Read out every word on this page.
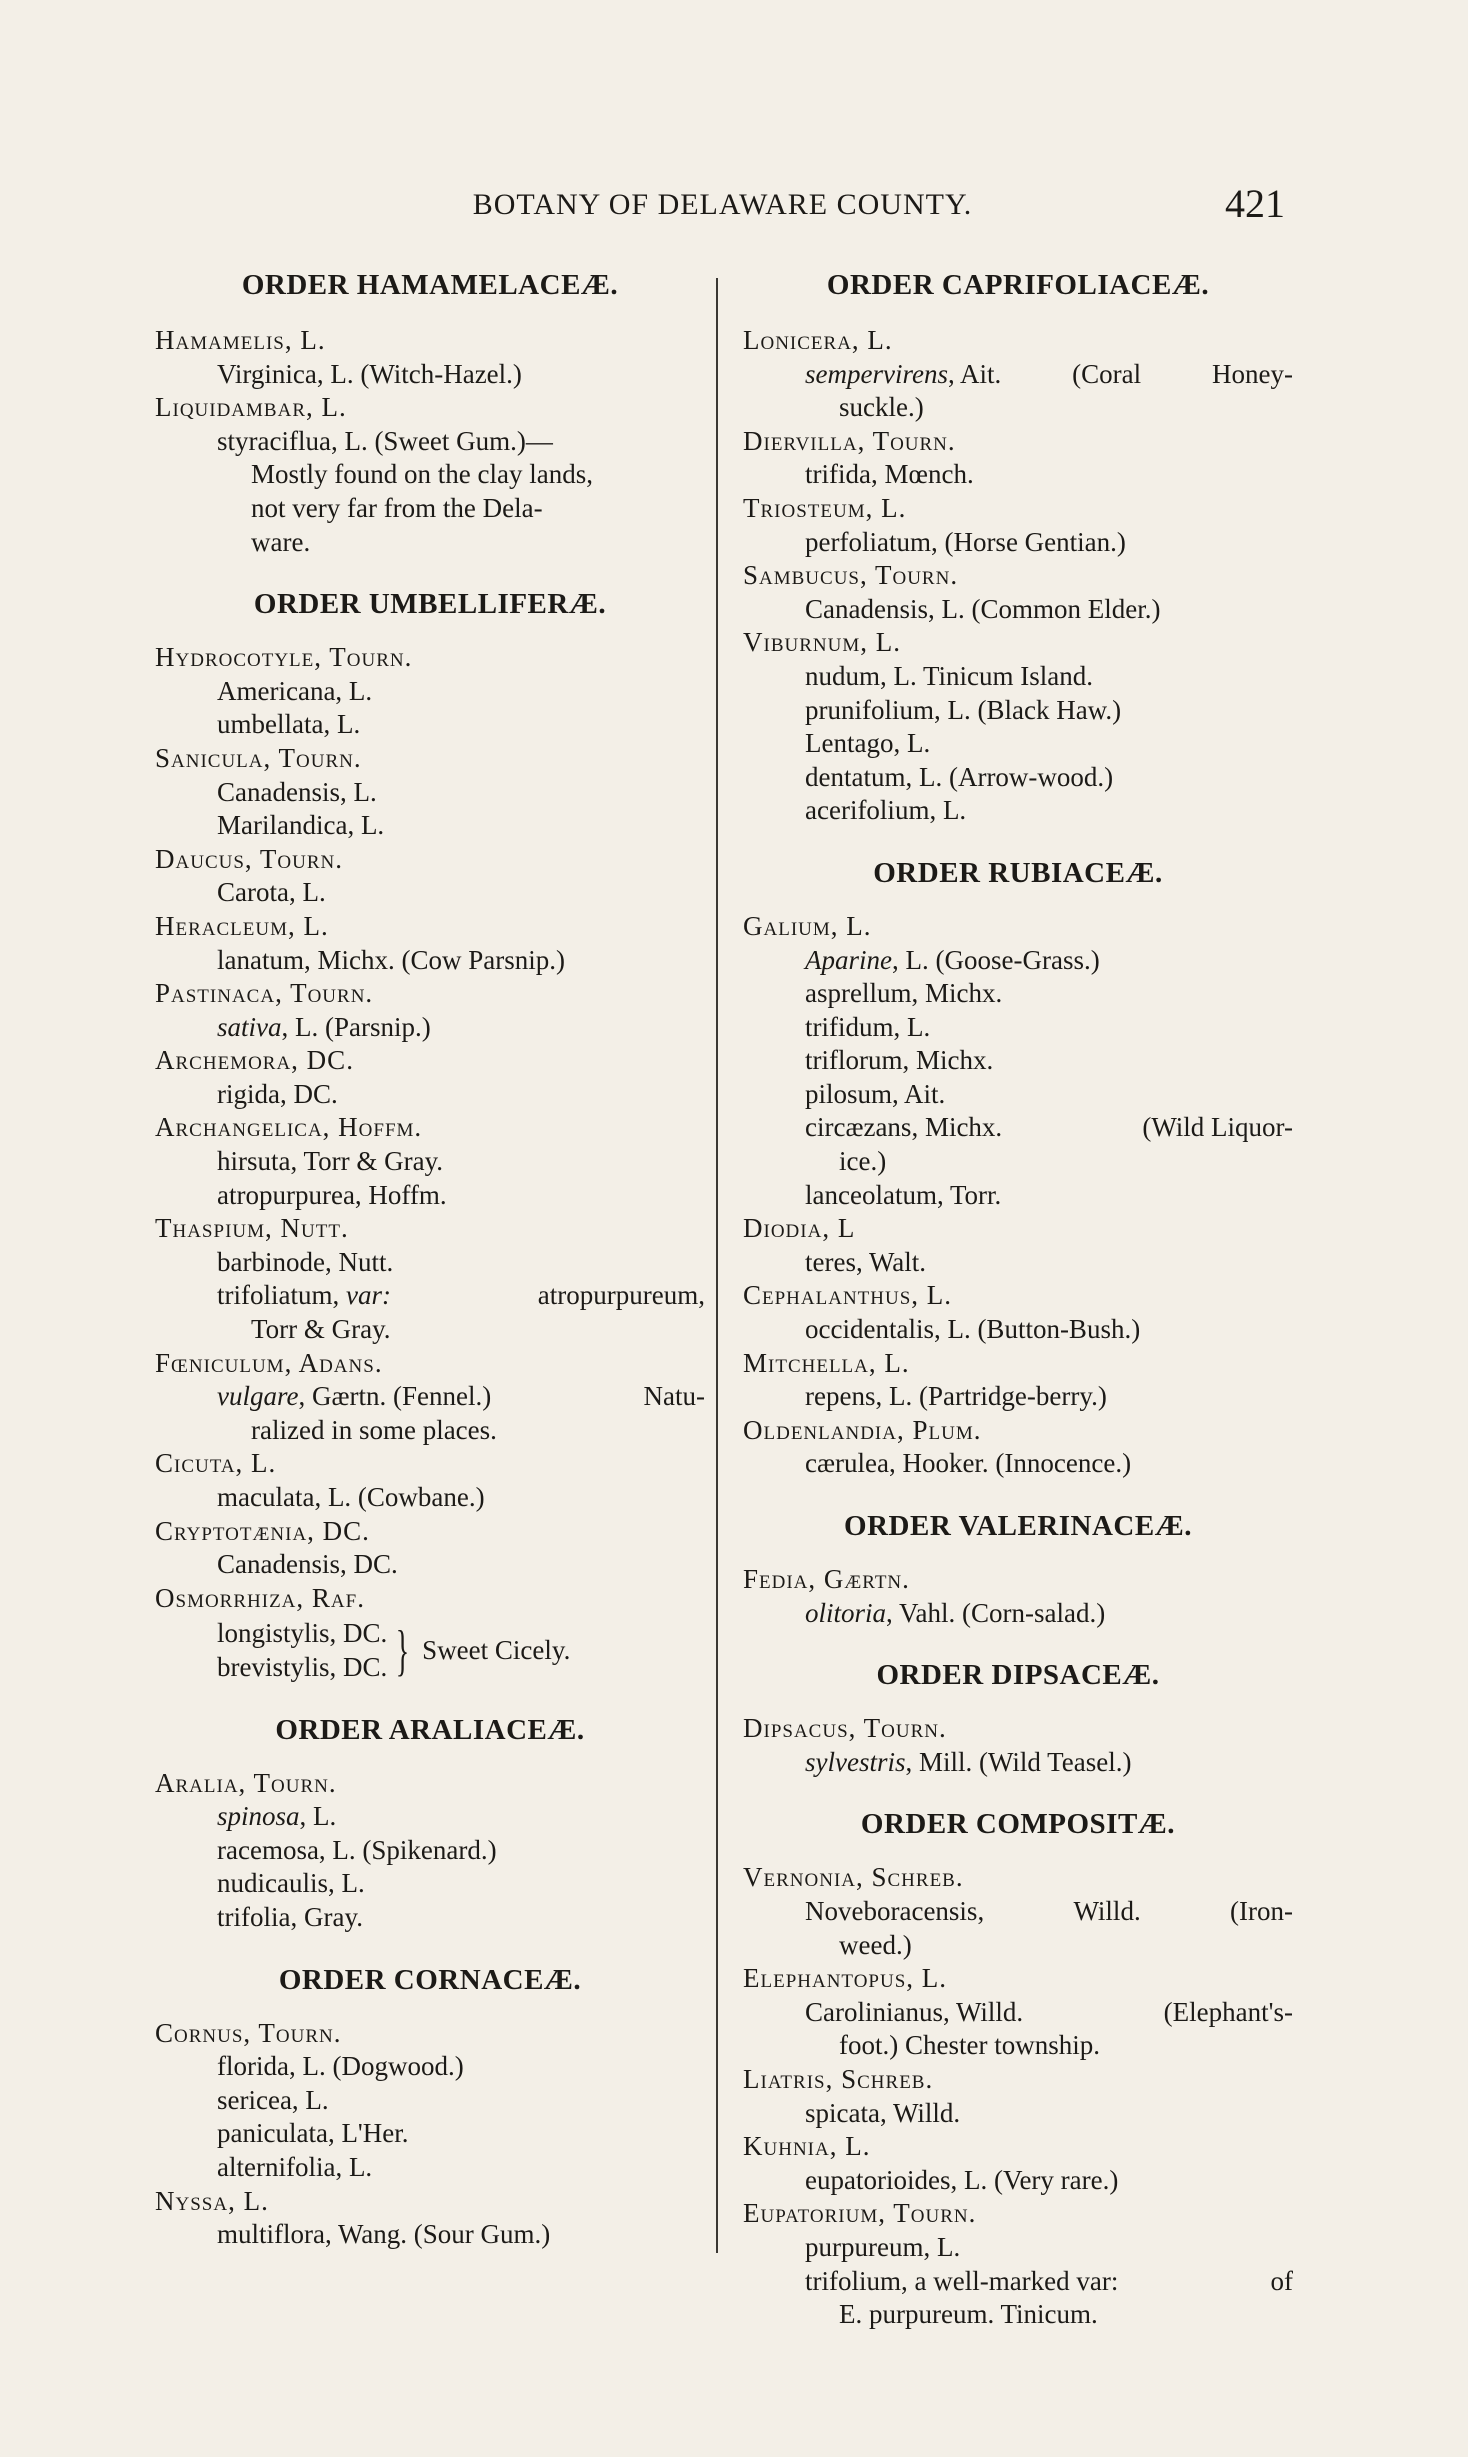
BOTANY OF DELAWARE COUNTY.	421
ORDER HAMAMELACEÆ.
Hamamelis, L.
Virginica, L. (Witch-Hazel.)
Liquidambar, L.
styraciflua, L. (Sweet Gum.)—
Mostly found on the clay lands,
not very far from the Dela-
ware.
ORDER UMBELLIFERÆ.
Hydrocotyle, Tourn.
Americana, L.
umbellata, L.
Sanicula, Tourn.
Canadensis, L.
Marilandica, L.
Daucus, Tourn.
Carota, L.
Heracleum, L.
lanatum, Michx. (Cow Parsnip.)
Pastinaca, Tourn.
sativa, L. (Parsnip.)
Archemora, DC.
rigida, DC.
Archangelica, Hoffm.
hirsuta, Torr & Gray.
atropurpurea, Hoffm.
Thaspium, Nutt.
barbinode, Nutt.
trifoliatum, var:	atropurpureum,
Torr & Gray.
Fœniculum, Adans.
vulgare, Gærtn. (Fennel.)	Natu-
ralized in some places.
Cicuta, L.
maculata, L. (Cowbane.)
Cryptotænia, DC.
Canadensis, DC.
Osmorrhiza, Raf.
longistylis, DC.
brevistylis, DC. } Sweet Cicely.
ORDER ARALIACEÆ.
Aralia, Tourn.
spinosa, L.
racemosa, L. (Spikenard.)
nudicaulis, L.
trifolia, Gray.
ORDER CORNACEÆ.
Cornus, Tourn.
florida, L. (Dogwood.)
sericea, L.
paniculata, L'Her.
alternifolia, L.
Nyssa, L.
multiflora, Wang. (Sour Gum.)
ORDER CAPRIFOLIACEÆ.
Lonicera, L.
sempervirens, Ait.	(Coral	Honey-
suckle.)
Diervilla, Tourn.
trifida, Mœnch.
Triosteum, L.
perfoliatum, (Horse Gentian.)
Sambucus, Tourn.
Canadensis, L. (Common Elder.)
Viburnum, L.
nudum, L. Tinicum Island.
prunifolium, L. (Black Haw.)
Lentago, L.
dentatum, L. (Arrow-wood.)
acerifolium, L.
ORDER RUBIACEÆ.
Galium, L.
Aparine, L. (Goose-Grass.)
asprellum, Michx.
trifidum, L.
triflorum, Michx.
pilosum, Ait.
circæzans, Michx.	(Wild Liquor-
ice.)
lanceolatum, Torr.
Diodia, L
teres, Walt.
Cephalanthus, L.
occidentalis, L. (Button-Bush.)
Mitchella, L.
repens, L. (Partridge-berry.)
Oldenlandia, Plum.
cærulea, Hooker. (Innocence.)
ORDER VALERINACEÆ.
Fedia, Gærtn.
olitoria, Vahl. (Corn-salad.)
ORDER DIPSACEÆ.
Dipsacus, Tourn.
sylvestris, Mill. (Wild Teasel.)
ORDER COMPOSITÆ.
Vernonia, Schreb.
Noveboracensis,	Willd.	(Iron-
weed.)
Elephantopus, L.
Carolinianus, Willd.	(Elephant's-
foot.) Chester township.
Liatris, Schreb.
spicata, Willd.
Kuhnia, L.
eupatorioides, L. (Very rare.)
Eupatorium, Tourn.
purpureum, L.
trifolium, a well-marked var:	of
E. purpureum. Tinicum.
